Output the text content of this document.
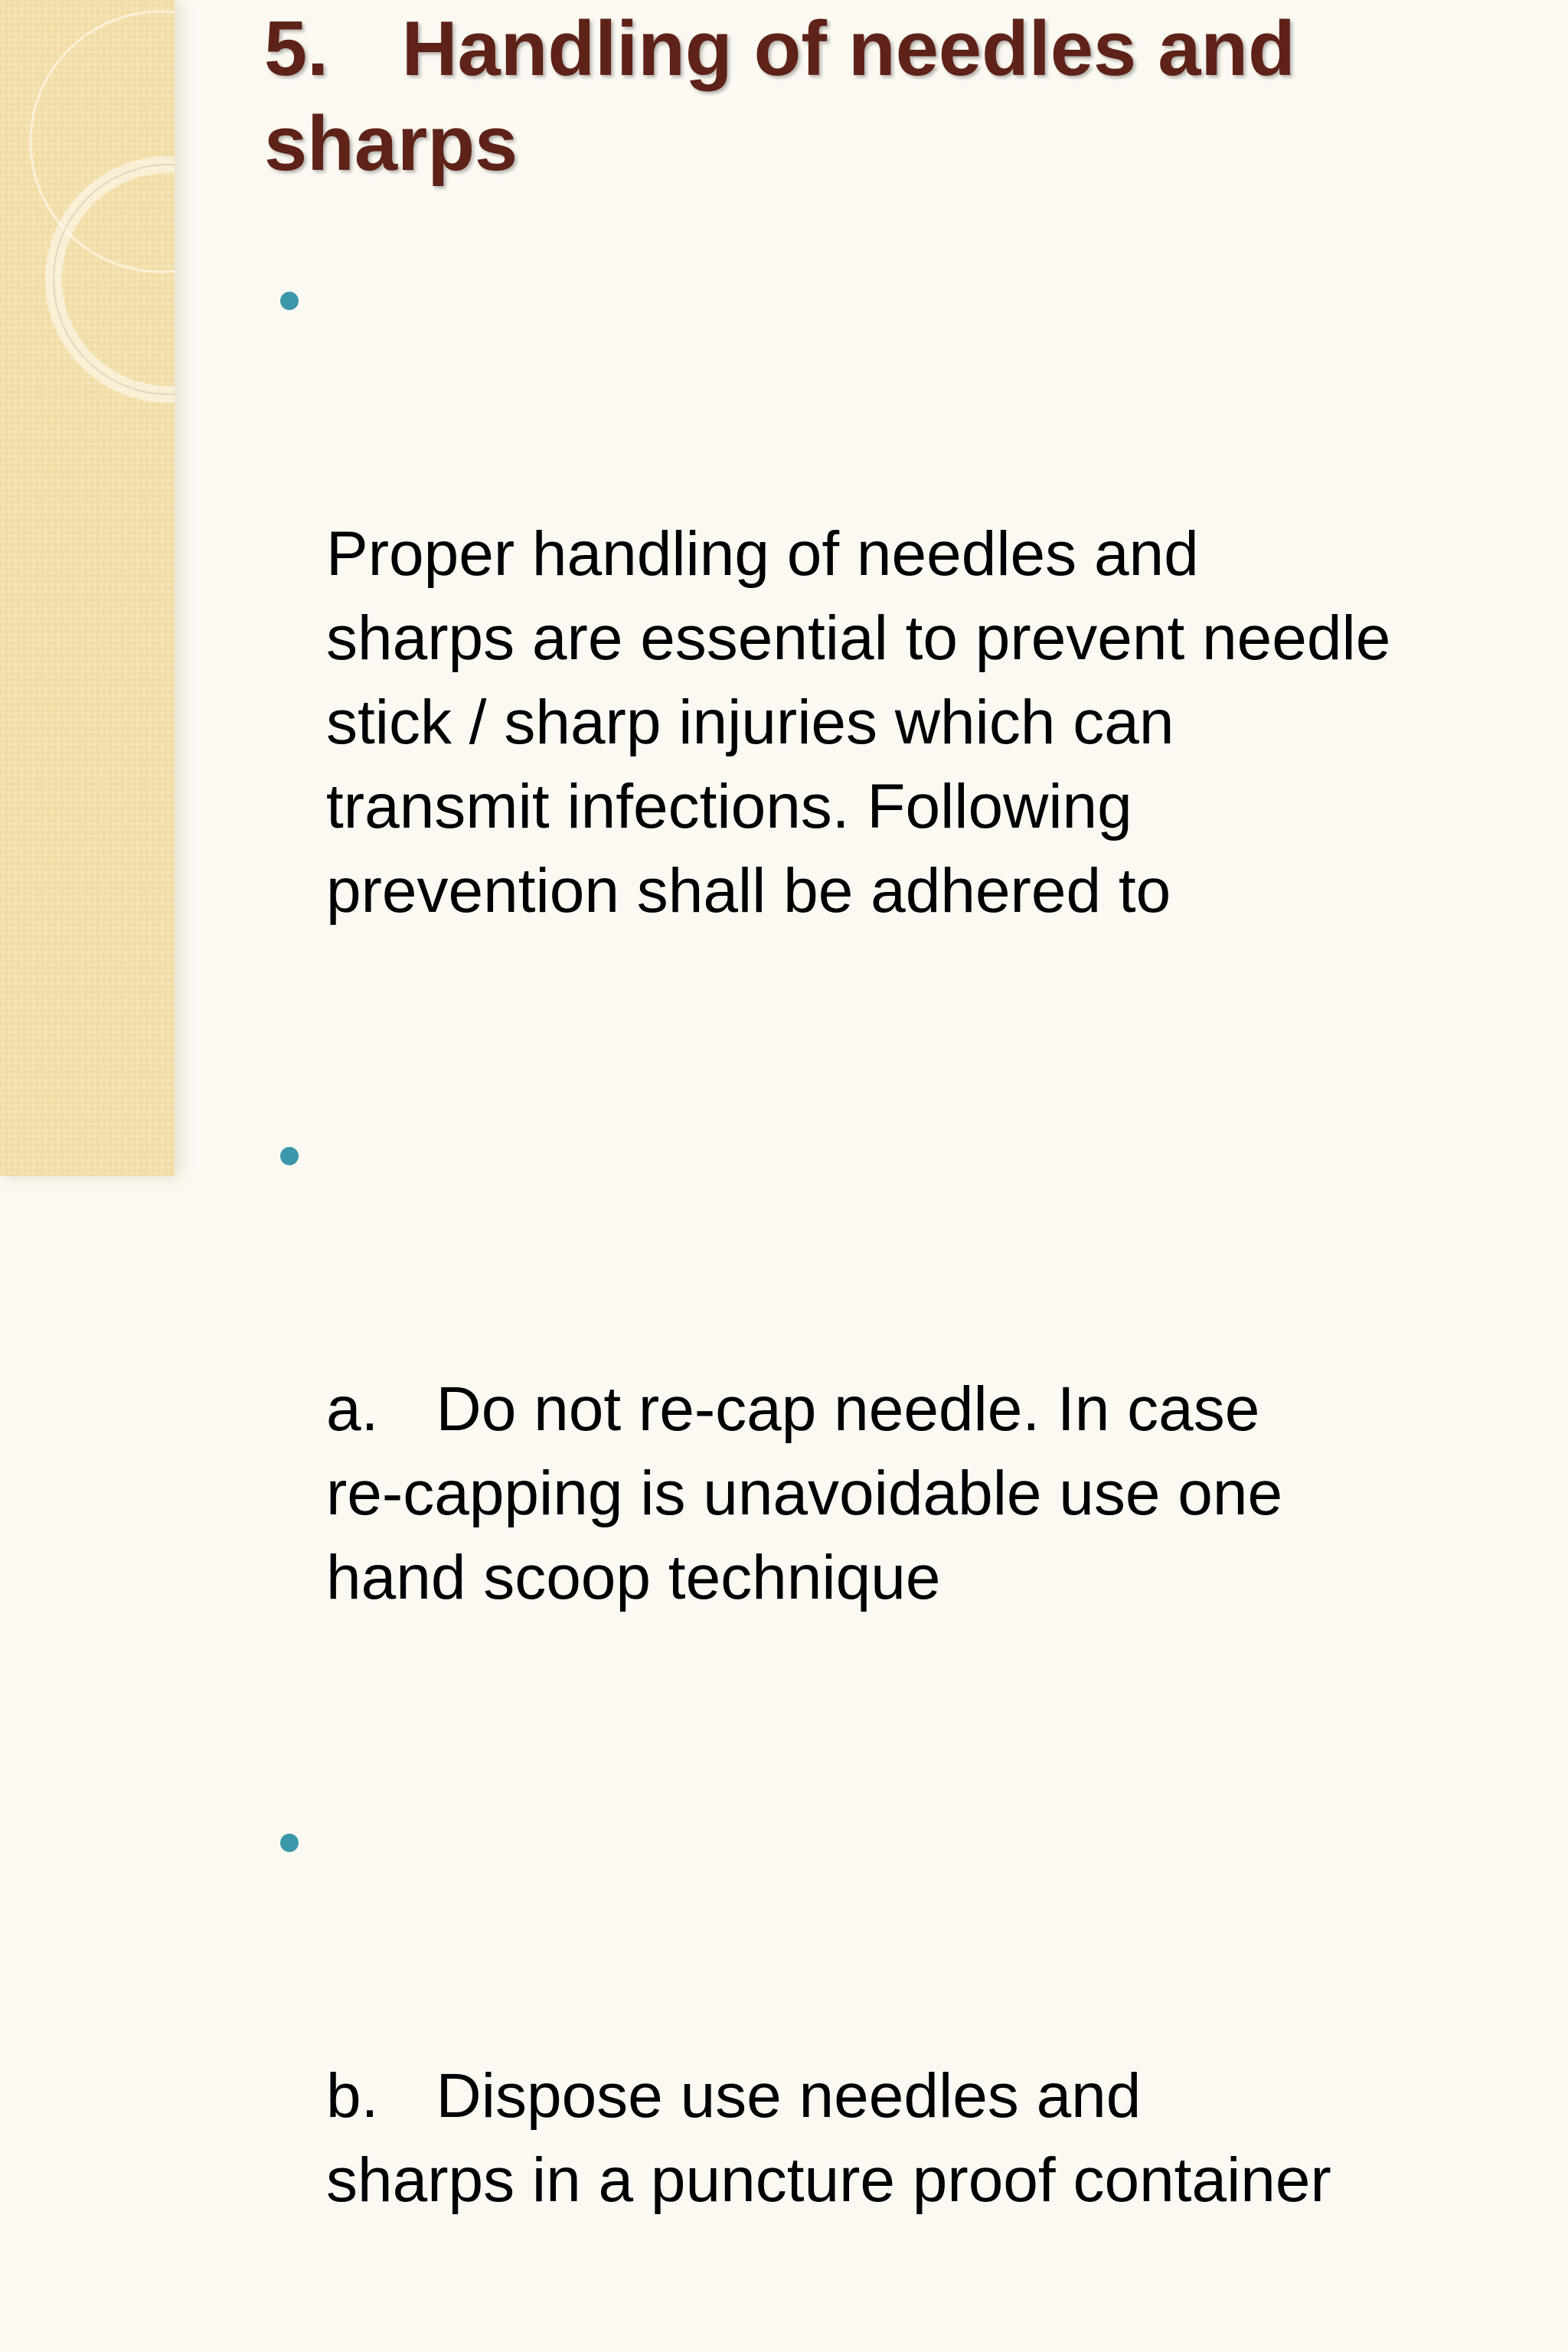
5.	Handling of needles and
sharps

Proper handling of needles and
sharps are essential to prevent needle
stick / sharp injuries which can
transmit infections. Following
prevention shall be adhered to

a.	Do not re-cap needle. In case
re-capping is unavoidable use one
hand scoop technique

b.	Dispose use needles and
sharps in a puncture proof container
